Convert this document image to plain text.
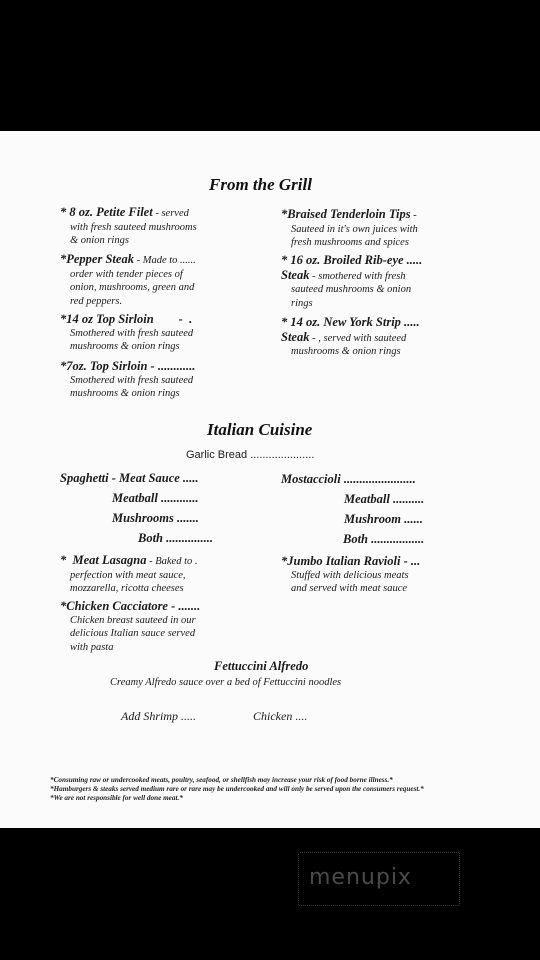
From the Grill
* 8 oz. Petite Filet - served
with fresh sauteed mushrooms
& onion rings
*Pepper Steak - Made to ......
order with tender pieces of
onion, mushrooms, green and
red peppers.
*14 oz Top Sirloin        -  .
Smothered with fresh sauteed
mushrooms & onion rings
*7oz. Top Sirloin - ............
Smothered with fresh sauteed
mushrooms & onion rings
*Braised Tenderloin Tips -
Sauteed in it's own juices with
fresh mushrooms and spices
* 16 oz. Broiled Rib-eye .....
Steak - smothered with fresh
sauteed mushrooms & onion
rings
* 14 oz. New York Strip .....
Steak - , served with sauteed
mushrooms & onion rings
Italian Cuisine
Garlic Bread .....................
Spaghetti - Meat Sauce .....
Meatball ............
Mushrooms .......
Both ...............
Mostaccioli .......................
Meatball ..........
Mushroom ......
Both .................
*  Meat Lasagna - Baked to .
perfection with meat sauce,
mozzarella, ricotta cheeses
*Jumbo Italian Ravioli - ...
Stuffed with delicious meats
and served with meat sauce
*Chicken Cacciatore - .......
Chicken breast sauteed in our
delicious Italian sauce served
with pasta
Fettuccini Alfredo
Creamy Alfredo sauce over a bed of Fettuccini noodles
Add Shrimp .....	Chicken ....
*Consuming raw or undercooked meats, poultry, seafood, or shellfish may increase your risk of food borne illness.*
*Hamburgers & steaks served medium rare or rare may be undercooked and will only be served upon the consumers request.*
*We are not responsible for well done meat.*
menupix
